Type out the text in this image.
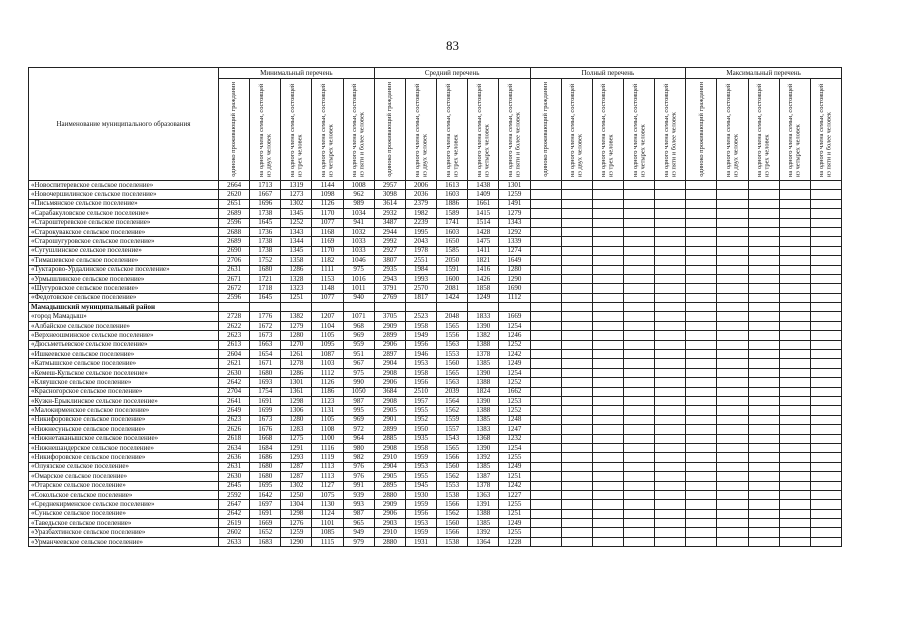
83
Наименование муниципального образования	Минимальный перечень					Средний перечень					Полный перечень					Максимальный перечень				
	одиноко проживающий гражданин	на одного члена семьи, состоящей из двух человек	на одного члена семьи, состоящей из трех человек	на одного члена семьи, состоящей из четырех человек	на одного члена семьи, состоящей из пяти и более человек	одиноко проживающий гражданин	на одного члена семьи, состоящей из двух человек	на одного члена семьи, состоящей из трех человек	на одного члена семьи, состоящей из четырех человек	на одного члена семьи, состоящей из пяти и более человек	одиноко проживающий гражданин	на одного члена семьи, состоящей из двух человек	на одного члена семьи, состоящей из трех человек	на одного члена семьи, состоящей из четырех человек	на одного члена семьи, состоящей из пяти и более человек	одиноко проживающий гражданин	на одного члена семьи, состоящей из двух человек	на одного члена семьи, состоящей из трех человек	на одного члена семьи, состоящей из четырех человек	на одного члена семьи, состоящей из пяти и более человек
«Новоспитеревское сельское поселение»	2664	1713	1319	1144	1008	2957	2006	1613	1438	1301										
«Новочершилинское сельское поселение»	2620	1667	1273	1098	962	3098	2036	1603	1409	1259										
«Письмянское сельское поселение»	2651	1696	1302	1126	989	3614	2379	1886	1661	1491										
«Сарабакуловское сельское поселение»	2689	1738	1345	1170	1034	2932	1982	1589	1415	1279										
«Староштеревское сельское поселение»	2596	1645	1252	1077	941	3487	2239	1741	1514	1343										
«Старокувакское сельское поселение»	2688	1736	1343	1168	1032	2944	1995	1603	1428	1292										
«Старошугуровское сельское поселение»	2689	1738	1344	1169	1033	2992	2043	1650	1475	1339										
«Сугушлинское сельское поселение»	2690	1738	1345	1170	1033	2927	1978	1585	1411	1274										
«Тимашевское сельское поселение»	2706	1752	1358	1182	1046	3807	2551	2050	1821	1649										
«Туктарово-Урдалинское сельское поселение»	2631	1680	1286	1111	975	2935	1984	1591	1416	1280										
«Урмышлинское сельское поселение»	2671	1721	1328	1153	1016	2943	1993	1600	1426	1290										
«Шугуровское сельское поселение»	2672	1718	1323	1148	1011	3791	2570	2081	1858	1690										
«Федотовское сельское поселение»	2596	1645	1251	1077	940	2769	1817	1424	1249	1112										
Мамадышский муниципальный район																				
«город Мамадыш»	2728	1776	1382	1207	1071	3705	2523	2048	1833	1669										
«Албайское сельское поселение»	2622	1672	1279	1104	968	2909	1958	1565	1390	1254										
«Верхнеошминское сельское поселение»	2623	1673	1280	1105	969	2899	1949	1556	1382	1246										
«Дюсьметьевское сельское поселение»	2613	1663	1270	1095	959	2906	1956	1563	1388	1252										
«Ишкеевское сельское поселение»	2604	1654	1261	1087	951	2897	1946	1553	1378	1242										
«Катмышское сельское поселение»	2621	1671	1278	1103	967	2904	1953	1560	1385	1249										
«Кемеш-Кульское сельское поселение»	2630	1680	1286	1112	975	2908	1958	1565	1390	1254										
«Кляушское сельское поселение»	2642	1693	1301	1126	990	2906	1956	1563	1388	1252										
«Красногорское сельское поселение»	2704	1754	1361	1186	1050	3684	2510	2039	1824	1662										
«Кузкн-Ерыклинское сельское поселение»	2641	1691	1298	1123	987	2908	1957	1564	1390	1253										
«Малокирменское сельское поселение»	2649	1699	1306	1131	995	2905	1955	1562	1388	1252										
«Никифоровское сельское поселение»	2623	1673	1280	1105	969	2901	1952	1559	1385	1248										
«Нижнесуньское сельское поселение»	2626	1676	1283	1108	972	2899	1950	1557	1383	1247										
«Нижнетаканышское сельское поселение»	2618	1668	1275	1100	964	2885	1935	1543	1368	1232										
«Нижнешандерское сельское поселение»	2634	1684	1291	1116	980	2908	1958	1565	1390	1254										
«Никифоровское сельское поселение»	2636	1686	1293	1119	982	2910	1959	1566	1392	1255										
«Олуязское сельское поселение»	2631	1680	1287	1113	976	2904	1953	1560	1385	1249										
«Омарское сельское поселение»	2630	1680	1287	1113	976	2905	1955	1562	1387	1251										
«Отарское сельское поселение»	2645	1695	1302	1127	991	2895	1945	1553	1378	1242										
«Сокольское сельское поселение»	2592	1642	1250	1075	939	2880	1930	1538	1363	1227										
«Среднекирменское сельское поселение»	2647	1697	1304	1130	993	2909	1959	1566	1391	1255										
«Суньское сельское поселение»	2642	1691	1298	1124	987	2906	1956	1562	1388	1251										
«Таведьское сельское поселение»	2619	1669	1276	1101	965	2903	1953	1560	1385	1249										
«Уразбахтинское сельское поселение»	2602	1652	1259	1085	949	2910	1959	1566	1392	1255										
«Урманчеевское сельское поселение»	2633	1683	1290	1115	979	2880	1931	1538	1364	1228										
